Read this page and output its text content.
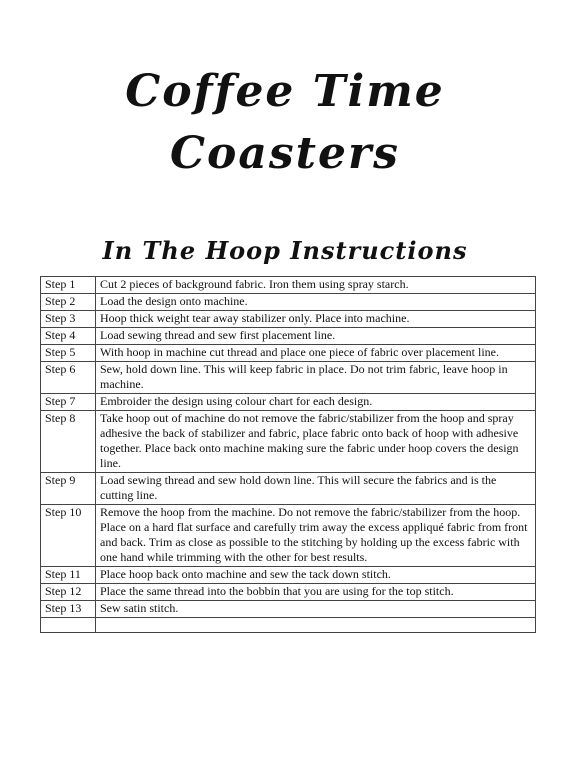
Coffee Time
Coasters
In The Hoop Instructions
Step 1	Cut 2 pieces of background fabric. Iron them using spray starch.
Step 2	Load the design onto machine.
Step 3	Hoop thick weight tear away stabilizer only. Place into machine.
Step 4	Load sewing thread and sew first placement line.
Step 5	With hoop in machine cut thread and place one piece of fabric over placement line.
Step 6	Sew, hold down line. This will keep fabric in place. Do not trim fabric, leave hoop in machine.
Step 7	Embroider the design using colour chart for each design.
Step 8	Take hoop out of machine do not remove the fabric/stabilizer from the hoop and spray adhesive the back of stabilizer and fabric, place fabric onto back of hoop with adhesive together. Place back onto machine making sure the fabric under hoop covers the design line.
Step 9	Load sewing thread and sew hold down line. This will secure the fabrics and is the cutting line.
Step 10	Remove the hoop from the machine. Do not remove the fabric/stabilizer from the hoop. Place on a hard flat surface and carefully trim away the excess appliqué fabric from front and back. Trim as close as possible to the stitching by holding up the excess fabric with one hand while trimming with the other for best results.
Step 11	Place hoop back onto machine and sew the tack down stitch.
Step 12	Place the same thread into the bobbin that you are using for the top stitch.
Step 13	Sew satin stitch.
